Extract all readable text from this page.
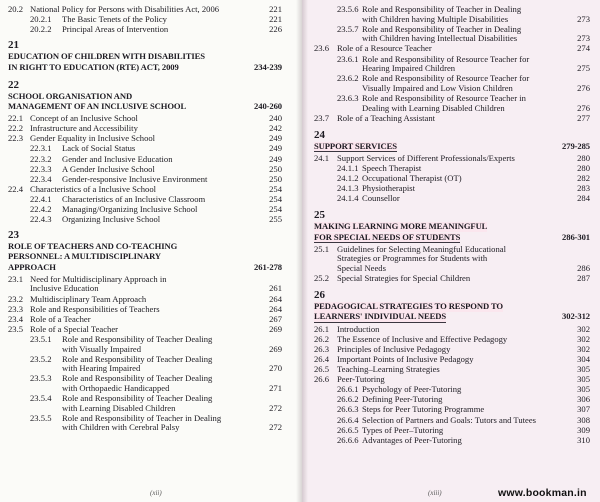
20.2 National Policy for Persons with Disabilities Act, 2006	221
20.2.1 The Basic Tenets of the Policy	221
20.2.2 Principal Areas of Intervention	226
21
EDUCATION OF CHILDREN WITH DISABILITIES
IN RIGHT TO EDUCATION (RTE) ACT, 2009	234-239
22
SCHOOL ORGANISATION AND
MANAGEMENT OF AN INCLUSIVE SCHOOL	240-260
22.1 Concept of an Inclusive School	240
22.2 Infrastructure and Accessibility	242
22.3 Gender Equality in Inclusive School	249
22.3.1 Lack of Social Status	249
22.3.2 Gender and Inclusive Education	249
22.3.3 A Gender Inclusive School	250
22.3.4 Gender-responsive Inclusive Environment	250
22.4 Characteristics of a Inclusive School	254
22.4.1 Characteristics of an Inclusive Classroom	254
22.4.2 Managing/Organizing Inclusive School	254
22.4.3 Organizing Inclusive School	255
23
ROLE OF TEACHERS AND CO-TEACHING
PERSONNEL: A MULTIDISCIPLINARY
APPROACH	261-278
23.1 Need for Multidisciplinary Approach in
Inclusive Education	261
23.2 Multidisciplinary Team Approach	264
23.3 Role and Responsibilities of Teachers	264
23.4 Role of a Teacher	267
23.5 Role of a Special Teacher	269
23.5.1 Role and Responsibility of Teacher Dealing
with Visually Impaired	269
23.5.2 Role and Responsibility of Teacher Dealing
with Hearing Impaired	270
23.5.3 Role and Responsibility of Teacher Dealing
with Orthopaedic Handicapped	271
23.5.4 Role and Responsibility of Teacher Dealing
with Learning Disabled Children	272
23.5.5 Role and Responsibility of Teacher in Dealing
with Children with Cerebral Palsy	272
(xii)
23.5.6 Role and Responsibility of Teacher in Dealing
with Children having Multiple Disabilities	273
23.5.7 Role and Responsibility of Teacher in Dealing
with Children having Intellectual Disabilities	273
23.6 Role of a Resource Teacher	274
23.6.1 Role and Responsibility of Resource Teacher for
Hearing Impaired Children	275
23.6.2 Role and Responsibility of Resource Teacher for
Visually Impaired and Low Vision Children	276
23.6.3 Role and Responsibility of Resource Teacher in
Dealing with Learning Disabled Children	276
23.7 Role of a Teaching Assistant	277
24
SUPPORT SERVICES	279-285
24.1 Support Services of Different Professionals/Experts	280
24.1.1 Speech Therapist	280
24.1.2 Occupational Therapist (OT)	282
24.1.3 Physiotherapist	283
24.1.4 Counsellor	284
25
MAKING LEARNING MORE MEANINGFUL
FOR SPECIAL NEEDS OF STUDENTS	286-301
25.1 Guidelines for Selecting Meaningful Educational
Strategies or Programmes for Students with
Special Needs	286
25.2 Special Strategies for Special Children	287
26
PEDAGOGICAL STRATEGIES TO RESPOND TO
LEARNERS' INDIVIDUAL NEEDS	302-312
26.1 Introduction	302
26.2 The Essence of Inclusive and Effective Pedagogy	302
26.3 Principles of Inclusive Pedagogy	302
26.4 Important Points of Inclusive Pedagogy	304
26.5 Teaching–Learning Strategies	305
26.6 Peer-Tutoring	305
26.6.1 Psychology of Peer-Tutoring	305
26.6.2 Defining Peer-Tutoring	306
26.6.3 Steps for Peer Tutoring Programme	307
26.6.4 Selection of Partners and Goals: Tutors and Tutees	308
26.6.5 Types of Peer–Tutoring	309
26.6.6 Advantages of Peer-Tutoring	310
(xiii)	www.bookman.in
